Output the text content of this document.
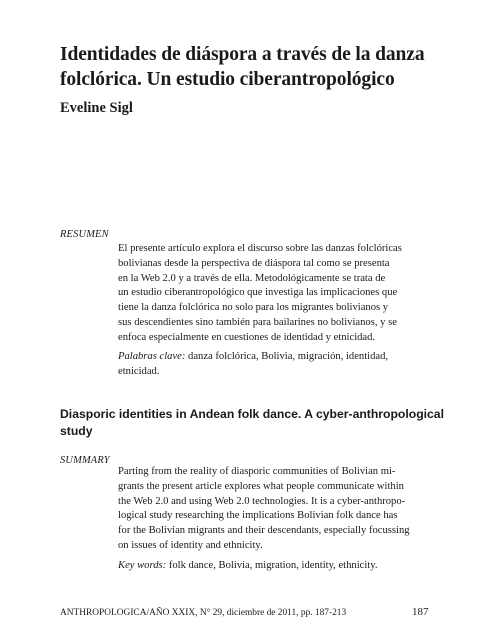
Identidades de diáspora a través de la danza
folclórica. Un estudio ciberantropológico
Eveline Sigl
RESUMEN
El presente artículo explora el discurso sobre las danzas folclóricas
bolivianas desde la perspectiva de diáspora tal como se presenta
en la Web 2.0 y a través de ella. Metodológicamente se trata de
un estudio ciberantropológico que investiga las implicaciones que
tiene la danza folclórica no solo para los migrantes bolivianos y
sus descendientes sino también para bailarines no bolivianos, y se
enfoca especialmente en cuestiones de identidad y etnicidad.
Palabras clave: danza folclórica, Bolivia, migración, identidad,
etnicidad.
Diasporic identities in Andean folk dance. A cyber-anthropological
study
SUMMARY
Parting from the reality of diasporic communities of Bolivian mi-
grants the present article explores what people communicate within
the Web 2.0 and using Web 2.0 technologies. It is a cyber-anthropo-
logical study researching the implications Bolivian folk dance has
for the Bolivian migrants and their descendants, especially focussing
on issues of identity and ethnicity.
Key words: folk dance, Bolivia, migration, identity, ethnicity.
ANTHROPOLOGICA/AÑO XXIX, N° 29, diciembre de 2011, pp. 187-213	187
